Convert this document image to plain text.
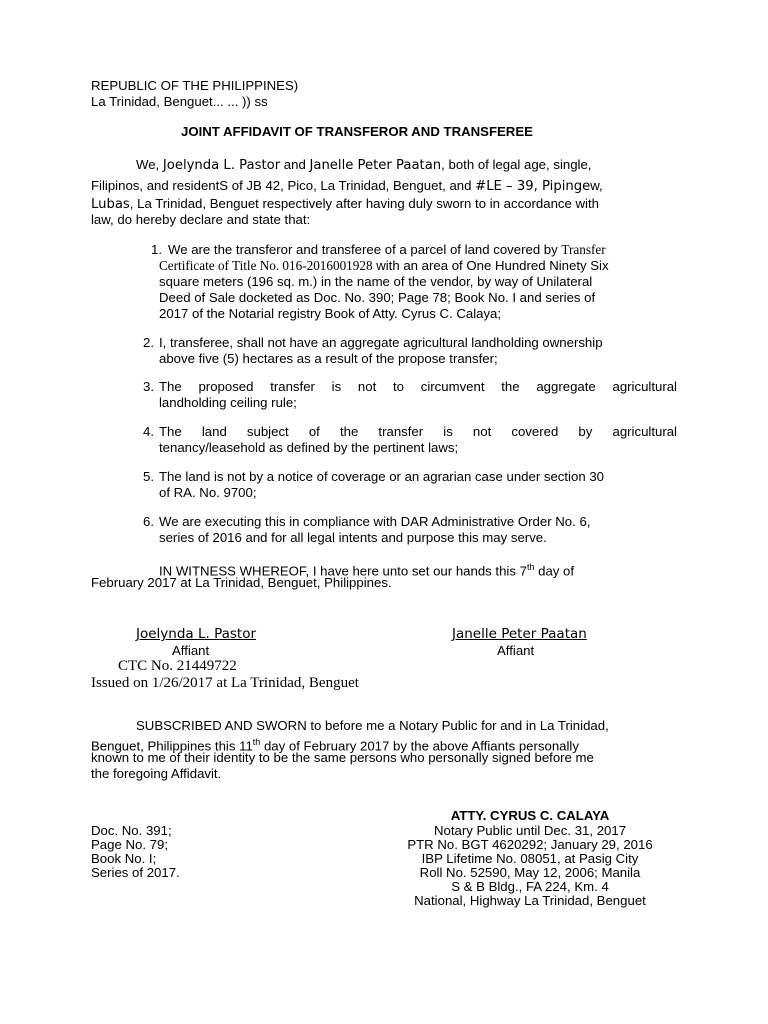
REPUBLIC OF THE PHILIPPINES)
La Trinidad, Benguet... ... )) ss
JOINT AFFIDAVIT OF TRANSFEROR AND TRANSFEREE
We, Joelynda L. Pastor and Janelle Peter Paatan, both of legal age, single,
Filipinos, and residentS of JB 42, Pico, La Trinidad, Benguet, and #LE – 39, Pipingew,
Lubas, La Trinidad, Benguet respectively after having duly sworn to in accordance with
law, do hereby declare and state that:
1. We are the transferor and transferee of a parcel of land covered by Transfer
Certificate of Title No. 016-2016001928 with an area of One Hundred Ninety Six
square meters (196 sq. m.) in the name of the vendor, by way of Unilateral
Deed of Sale docketed as Doc. No. 390; Page 78; Book No. I and series of
2017 of the Notarial registry Book of Atty. Cyrus C. Calaya;
2. I, transferee, shall not have an aggregate agricultural landholding ownership
above five (5) hectares as a result of the propose transfer;
3. The proposed transfer is not to circumvent the aggregate agricultural
landholding ceiling rule;
4. The land subject of the transfer is not covered by agricultural
tenancy/leasehold as defined by the pertinent laws;
5. The land is not by a notice of coverage or an agrarian case under section 30
of RA. No. 9700;
6. We are executing this in compliance with DAR Administrative Order No. 6,
series of 2016 and for all legal intents and purpose this may serve.
IN WITNESS WHEREOF, I have here unto set our hands this 7th day of
February 2017 at La Trinidad, Benguet, Philippines.
Joelynda L. Pastor
Affiant
Janelle Peter Paatan
Affiant
CTC No. 21449722
Issued on 1/26/2017 at La Trinidad, Benguet
SUBSCRIBED AND SWORN to before me a Notary Public for and in La Trinidad,
Benguet, Philippines this 11th day of February 2017 by the above Affiants personally
known to me of their identity to be the same persons who personally signed before me
the foregoing Affidavit.
ATTY. CYRUS C. CALAYA
Notary Public until Dec. 31, 2017
PTR No. BGT 4620292; January 29, 2016
IBP Lifetime No. 08051, at Pasig City
Roll No. 52590, May 12, 2006; Manila
S & B Bldg., FA 224, Km. 4
National, Highway La Trinidad, Benguet
Doc. No. 391;
Page No. 79;
Book No. I;
Series of 2017.
